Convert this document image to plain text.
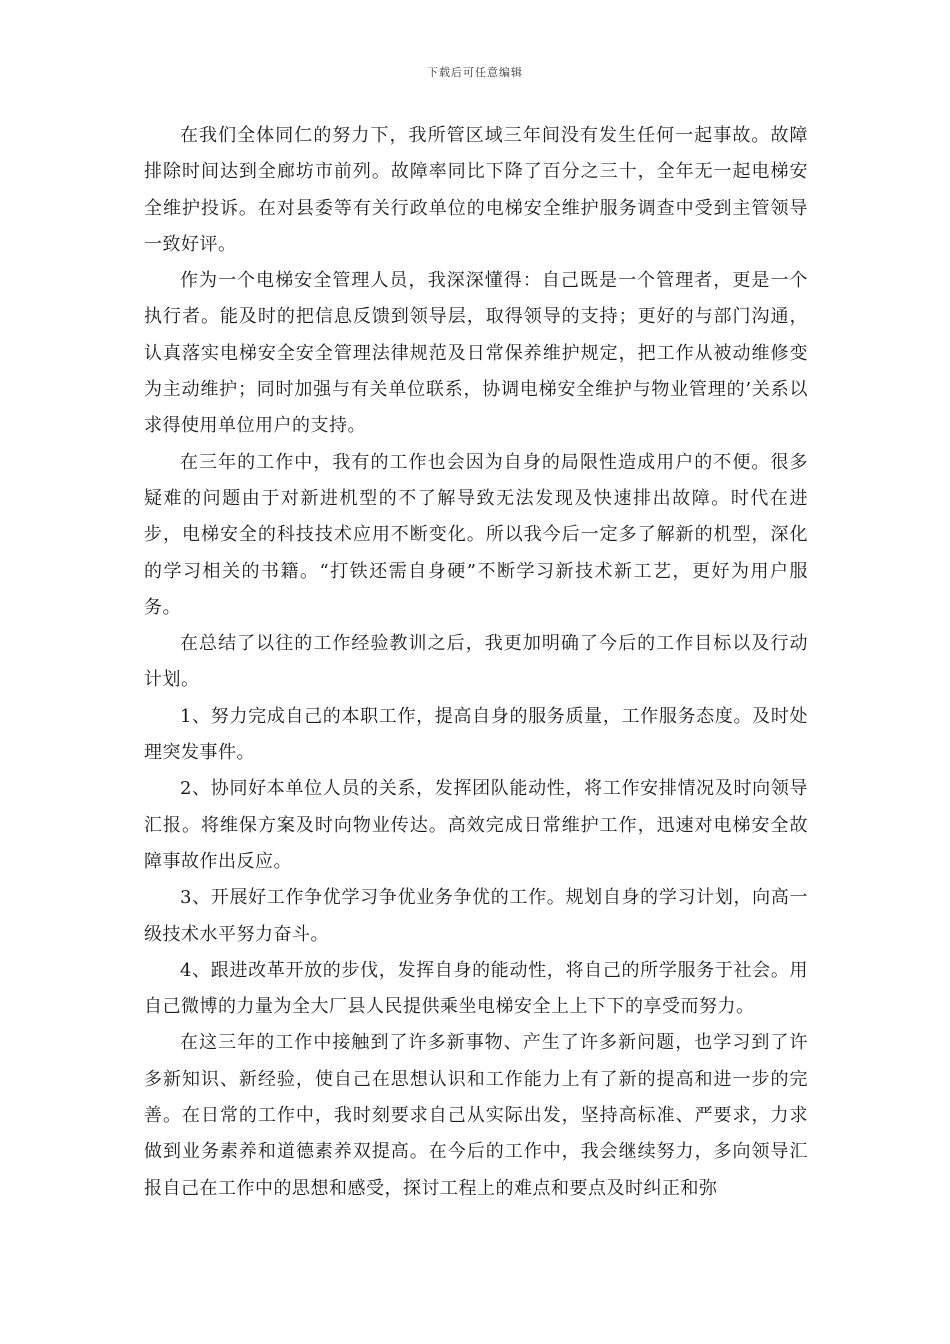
下载后可任意编辑

在我们全体同仁的努力下，我所管区域三年间没有发生任何一起事故。故障排除时间达到全廊坊市前列。故障率同比下降了百分之三十，全年无一起电梯安全维护投诉。在对县委等有关行政单位的电梯安全维护服务调查中受到主管领导一致好评。

作为一个电梯安全管理人员，我深深懂得：自己既是一个管理者，更是一个执行者。能及时的把信息反馈到领导层，取得领导的支持；更好的与部门沟通，认真落实电梯安全安全管理法律规范及日常保养维护规定，把工作从被动维修变为主动维护；同时加强与有关单位联系，协调电梯安全维护与物业管理的’关系以求得使用单位用户的支持。

在三年的工作中，我有的工作也会因为自身的局限性造成用户的不便。很多疑难的问题由于对新进机型的不了解导致无法发现及快速排出故障。时代在进步，电梯安全的科技技术应用不断变化。所以我今后一定多了解新的机型，深化的学习相关的书籍。“打铁还需自身硬”不断学习新技术新工艺，更好为用户服务。

在总结了以往的工作经验教训之后，我更加明确了今后的工作目标以及行动计划。

1、努力完成自己的本职工作，提高自身的服务质量，工作服务态度。及时处理突发事件。

2、协同好本单位人员的关系，发挥团队能动性，将工作安排情况及时向领导汇报。将维保方案及时向物业传达。高效完成日常维护工作，迅速对电梯安全故障事故作出反应。

3、开展好工作争优学习争优业务争优的工作。规划自身的学习计划，向高一级技术水平努力奋斗。

4、跟进改革开放的步伐，发挥自身的能动性，将自己的所学服务于社会。用自己微博的力量为全大厂县人民提供乘坐电梯安全上上下下的享受而努力。

在这三年的工作中接触到了许多新事物、产生了许多新问题，也学习到了许多新知识、新经验，使自己在思想认识和工作能力上有了新的提高和进一步的完善。在日常的工作中，我时刻要求自己从实际出发，坚持高标准、严要求，力求做到业务素养和道德素养双提高。在今后的工作中，我会继续努力，多向领导汇报自己在工作中的思想和感受，探讨工程上的难点和要点及时纠正和弥
